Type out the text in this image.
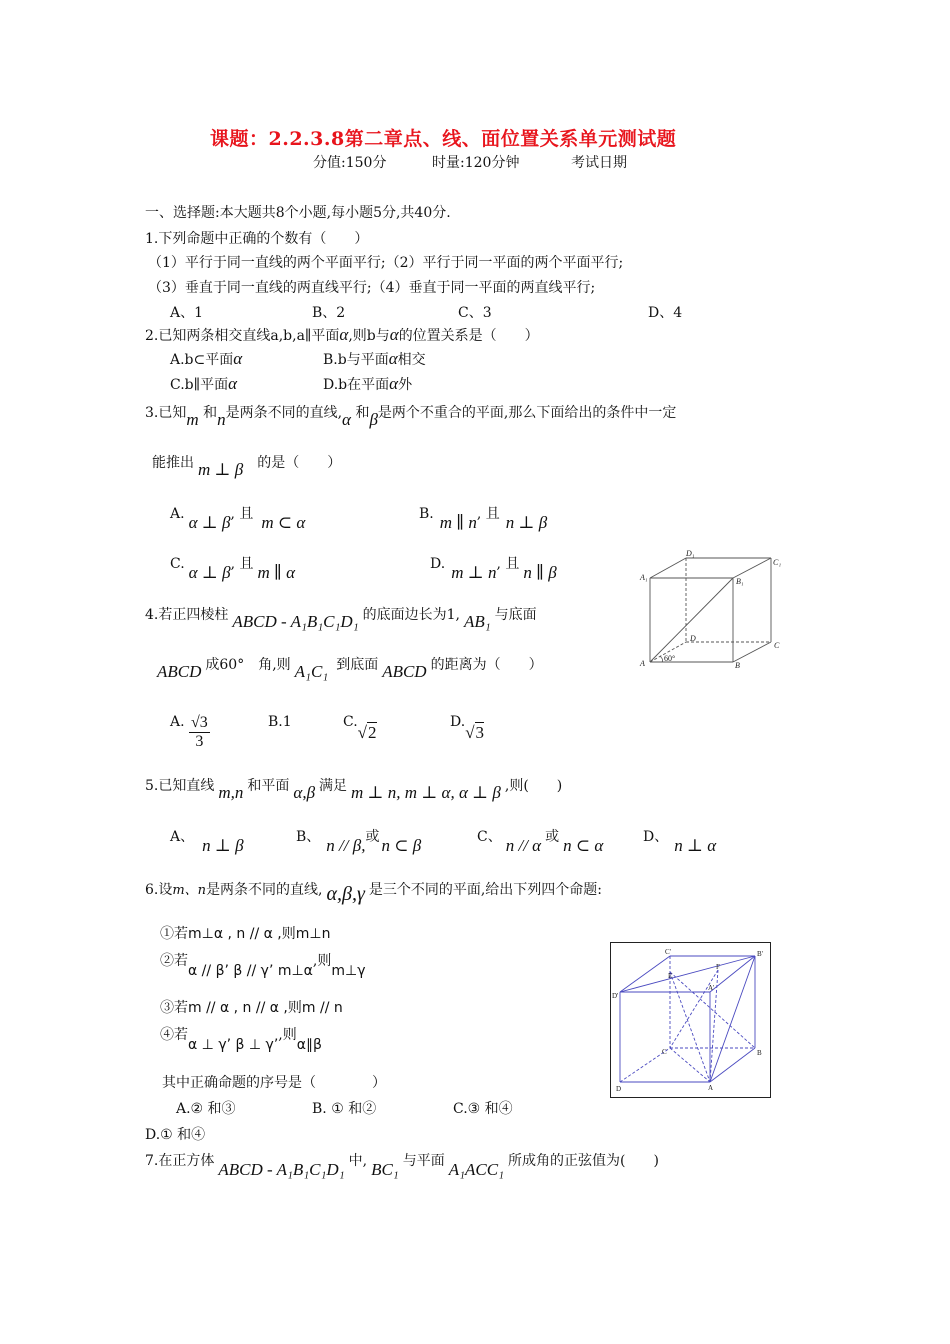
课题：2.2.3.8第二章点、线、面位置关系单元测试题
分值:150分	时量:120分钟	考试日期
一、选择题:本大题共8个小题,每小题5分,共40分.
1.下列命题中正确的个数有（　　）
（1）平行于同一直线的两个平面平行;（2）平行于同一平面的两个平面平行;
（3）垂直于同一直线的两直线平行;（4）垂直于同一平面的两直线平行;
A、1	B、2	C、3	D、4
2.已知两条相交直线a,b,a∥平面α,则b与α的位置关系是（　　）
A.b⊂平面α	B.b与平面α相交
C.b∥平面α	D.b在平面α外
3.已知m 和n是两条不同的直线,α 和β是两个不重合的平面,那么下面给出的条件中一定
能推出 m ⊥ β 的是（　　）
A. α ⊥ β, 且 m ⊂ α	B. m ∥ n, 且 n ⊥ β
C. α ⊥ β, 且 m ∥ α	D. m ⊥ n, 且 n ∥ β
D₁
C₁
A₁	B₁
D
C
A	B
60°
4.若正四棱柱 ABCD - A₁B₁C₁D₁ 的底面边长为1, AB₁ 与底面
ABCD 成60°　角,则 A₁C₁ 到底面 ABCD 的距离为（　　）
A. $\frac{√3}{3}$	B.1	C.√2
D.√3
5.已知直线 m,n 和平面 α,β 满足 m ⊥ n, m ⊥ α, α ⊥ β ,则(　　)
A、 n ⊥ β	B、 n // β,或 n ⊂ β	C、 n // α 或 n ⊂ α	D、 n ⊥ α
6.设m、n是两条不同的直线, α,β,γ 是三个不同的平面,给出下列四个命题:
①若m⊥α , n // α ,则m⊥n
②若α // β’ β // γ’ m⊥α,则m⊥γ
③若m // α , n // α ,则m // n
④若α ⊥ γ’ β ⊥ γ’,则α∥β
其中正确命题的序号是（　　　　）
A.② 和③	B. ① 和②	C.③ 和④
D.① 和④
C'	B'
E
F
D'
A'
C	B
D	A
7.在正方体 ABCD - A₁B₁C₁D₁ 中, BC₁ 与平面 A₁ACC₁ 所成角的正弦值为(　　)
